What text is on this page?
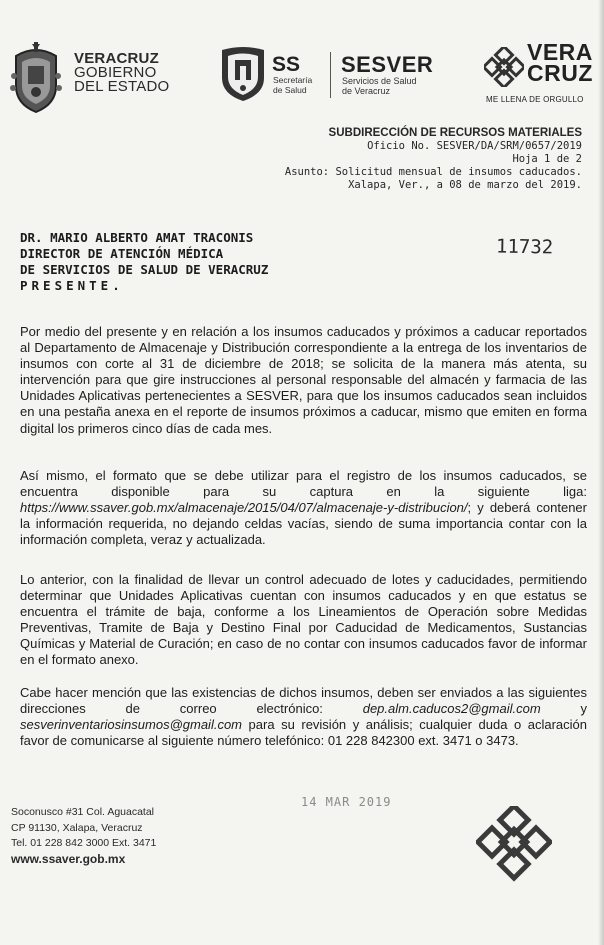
VERACRUZ
GOBIERNO
DEL ESTADO
SS
Secretaría
de Salud
SESVER
Servicios de Salud
de Veracruz
VERA
CRUZ
ME LLENA DE ORGULLO
SUBDIRECCIÓN DE RECURSOS MATERIALES
Oficio No. SESVER/DA/SRM/0657/2019
Hoja 1 de 2
Asunto: Solicitud mensual de insumos caducados.
Xalapa, Ver., a 08 de marzo del 2019.
DR. MARIO ALBERTO AMAT TRACONIS
DIRECTOR DE ATENCIÓN MÉDICA
DE SERVICIOS DE SALUD DE VERACRUZ
PRESENTE.
11732
Por medio del presente y en relación a los insumos caducados y próximos a caducar reportados al Departamento de Almacenaje y Distribución correspondiente a la entrega de los inventarios de insumos con corte al 31 de diciembre de 2018; se solicita de la manera más atenta, su intervención para que gire instrucciones al personal responsable del almacén y farmacia de las Unidades Aplicativas pertenecientes a SESVER, para que los insumos caducados sean incluidos en una pestaña anexa en el reporte de insumos próximos a caducar, mismo que emiten en forma digital los primeros cinco días de cada mes.
Así mismo, el formato que se debe utilizar para el registro de los insumos caducados, se encuentra disponible para su captura en la siguiente liga: https://www.ssaver.gob.mx/almacenaje/2015/04/07/almacenaje-y-distribucion/; y deberá contener la información requerida, no dejando celdas vacías, siendo de suma importancia contar con la información completa, veraz y actualizada.
Lo anterior, con la finalidad de llevar un control adecuado de lotes y caducidades, permitiendo determinar que Unidades Aplicativas cuentan con insumos caducados y en que estatus se encuentra el trámite de baja, conforme a los Lineamientos de Operación sobre Medidas Preventivas, Tramite de Baja y Destino Final por Caducidad de Medicamentos, Sustancias Químicas y Material de Curación; en caso de no contar con insumos caducados favor de informar en el formato anexo.
Cabe hacer mención que las existencias de dichos insumos, deben ser enviados a las siguientes direcciones de correo electrónico:	dep.alm.caducos2@gmail.com	y sesverinventariosinsumos@gmail.com para su revisión y análisis; cualquier duda o aclaración favor de comunicarse al siguiente número telefónico: 01 228 842300 ext. 3471 o 3473.
Soconusco #31 Col. Aguacatal
CP 91130, Xalapa, Veracruz
Tel. 01 228 842 3000 Ext. 3471
www.ssaver.gob.mx
14 MAR 2019
